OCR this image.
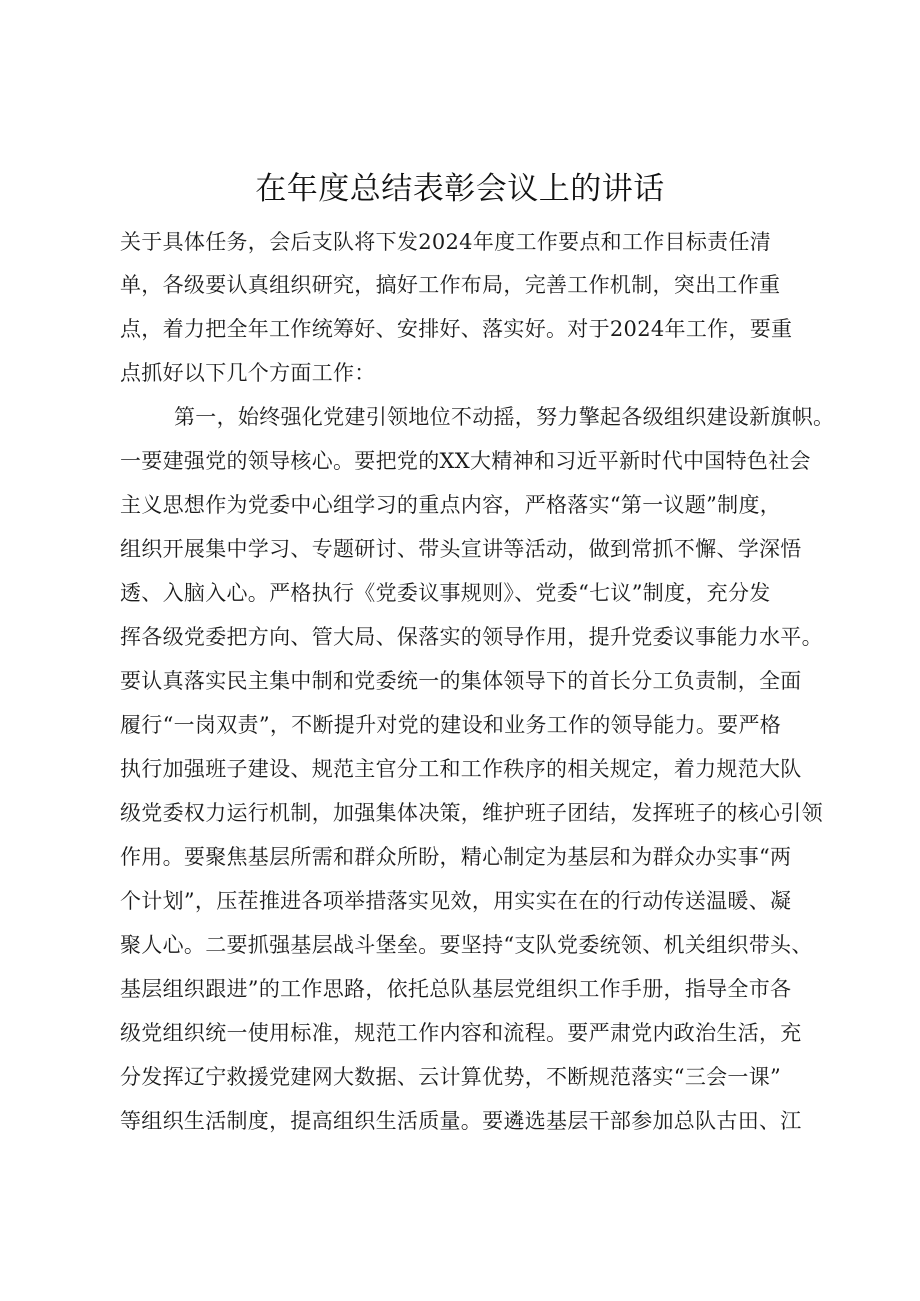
在年度总结表彰会议上的讲话
关于具体任务，会后支队将下发2024年度工作要点和工作目标责任清
单，各级要认真组织研究，搞好工作布局，完善工作机制，突出工作重
点，着力把全年工作统筹好、安排好、落实好。对于2024年工作，要重
点抓好以下几个方面工作：
第一，始终强化党建引领地位不动摇，努力擎起各级组织建设新旗帜。
一要建强党的领导核心。要把党的XX大精神和习近平新时代中国特色社会
主义思想作为党委中心组学习的重点内容，严格落实“第一议题”制度，
组织开展集中学习、专题研讨、带头宣讲等活动，做到常抓不懈、学深悟
透、入脑入心。严格执行《党委议事规则》、党委“七议”制度，充分发
挥各级党委把方向、管大局、保落实的领导作用，提升党委议事能力水平。
要认真落实民主集中制和党委统一的集体领导下的首长分工负责制，全面
履行“一岗双责”，不断提升对党的建设和业务工作的领导能力。要严格
执行加强班子建设、规范主官分工和工作秩序的相关规定，着力规范大队
级党委权力运行机制，加强集体决策，维护班子团结，发挥班子的核心引领
作用。要聚焦基层所需和群众所盼，精心制定为基层和为群众办实事“两
个计划”，压茬推进各项举措落实见效，用实实在在的行动传送温暖、凝
聚人心。二要抓强基层战斗堡垒。要坚持“支队党委统领、机关组织带头、
基层组织跟进”的工作思路，依托总队基层党组织工作手册，指导全市各
级党组织统一使用标准，规范工作内容和流程。要严肃党内政治生活，充
分发挥辽宁救援党建网大数据、云计算优势，不断规范落实“三会一课”
等组织生活制度，提高组织生活质量。要遴选基层干部参加总队古田、江
